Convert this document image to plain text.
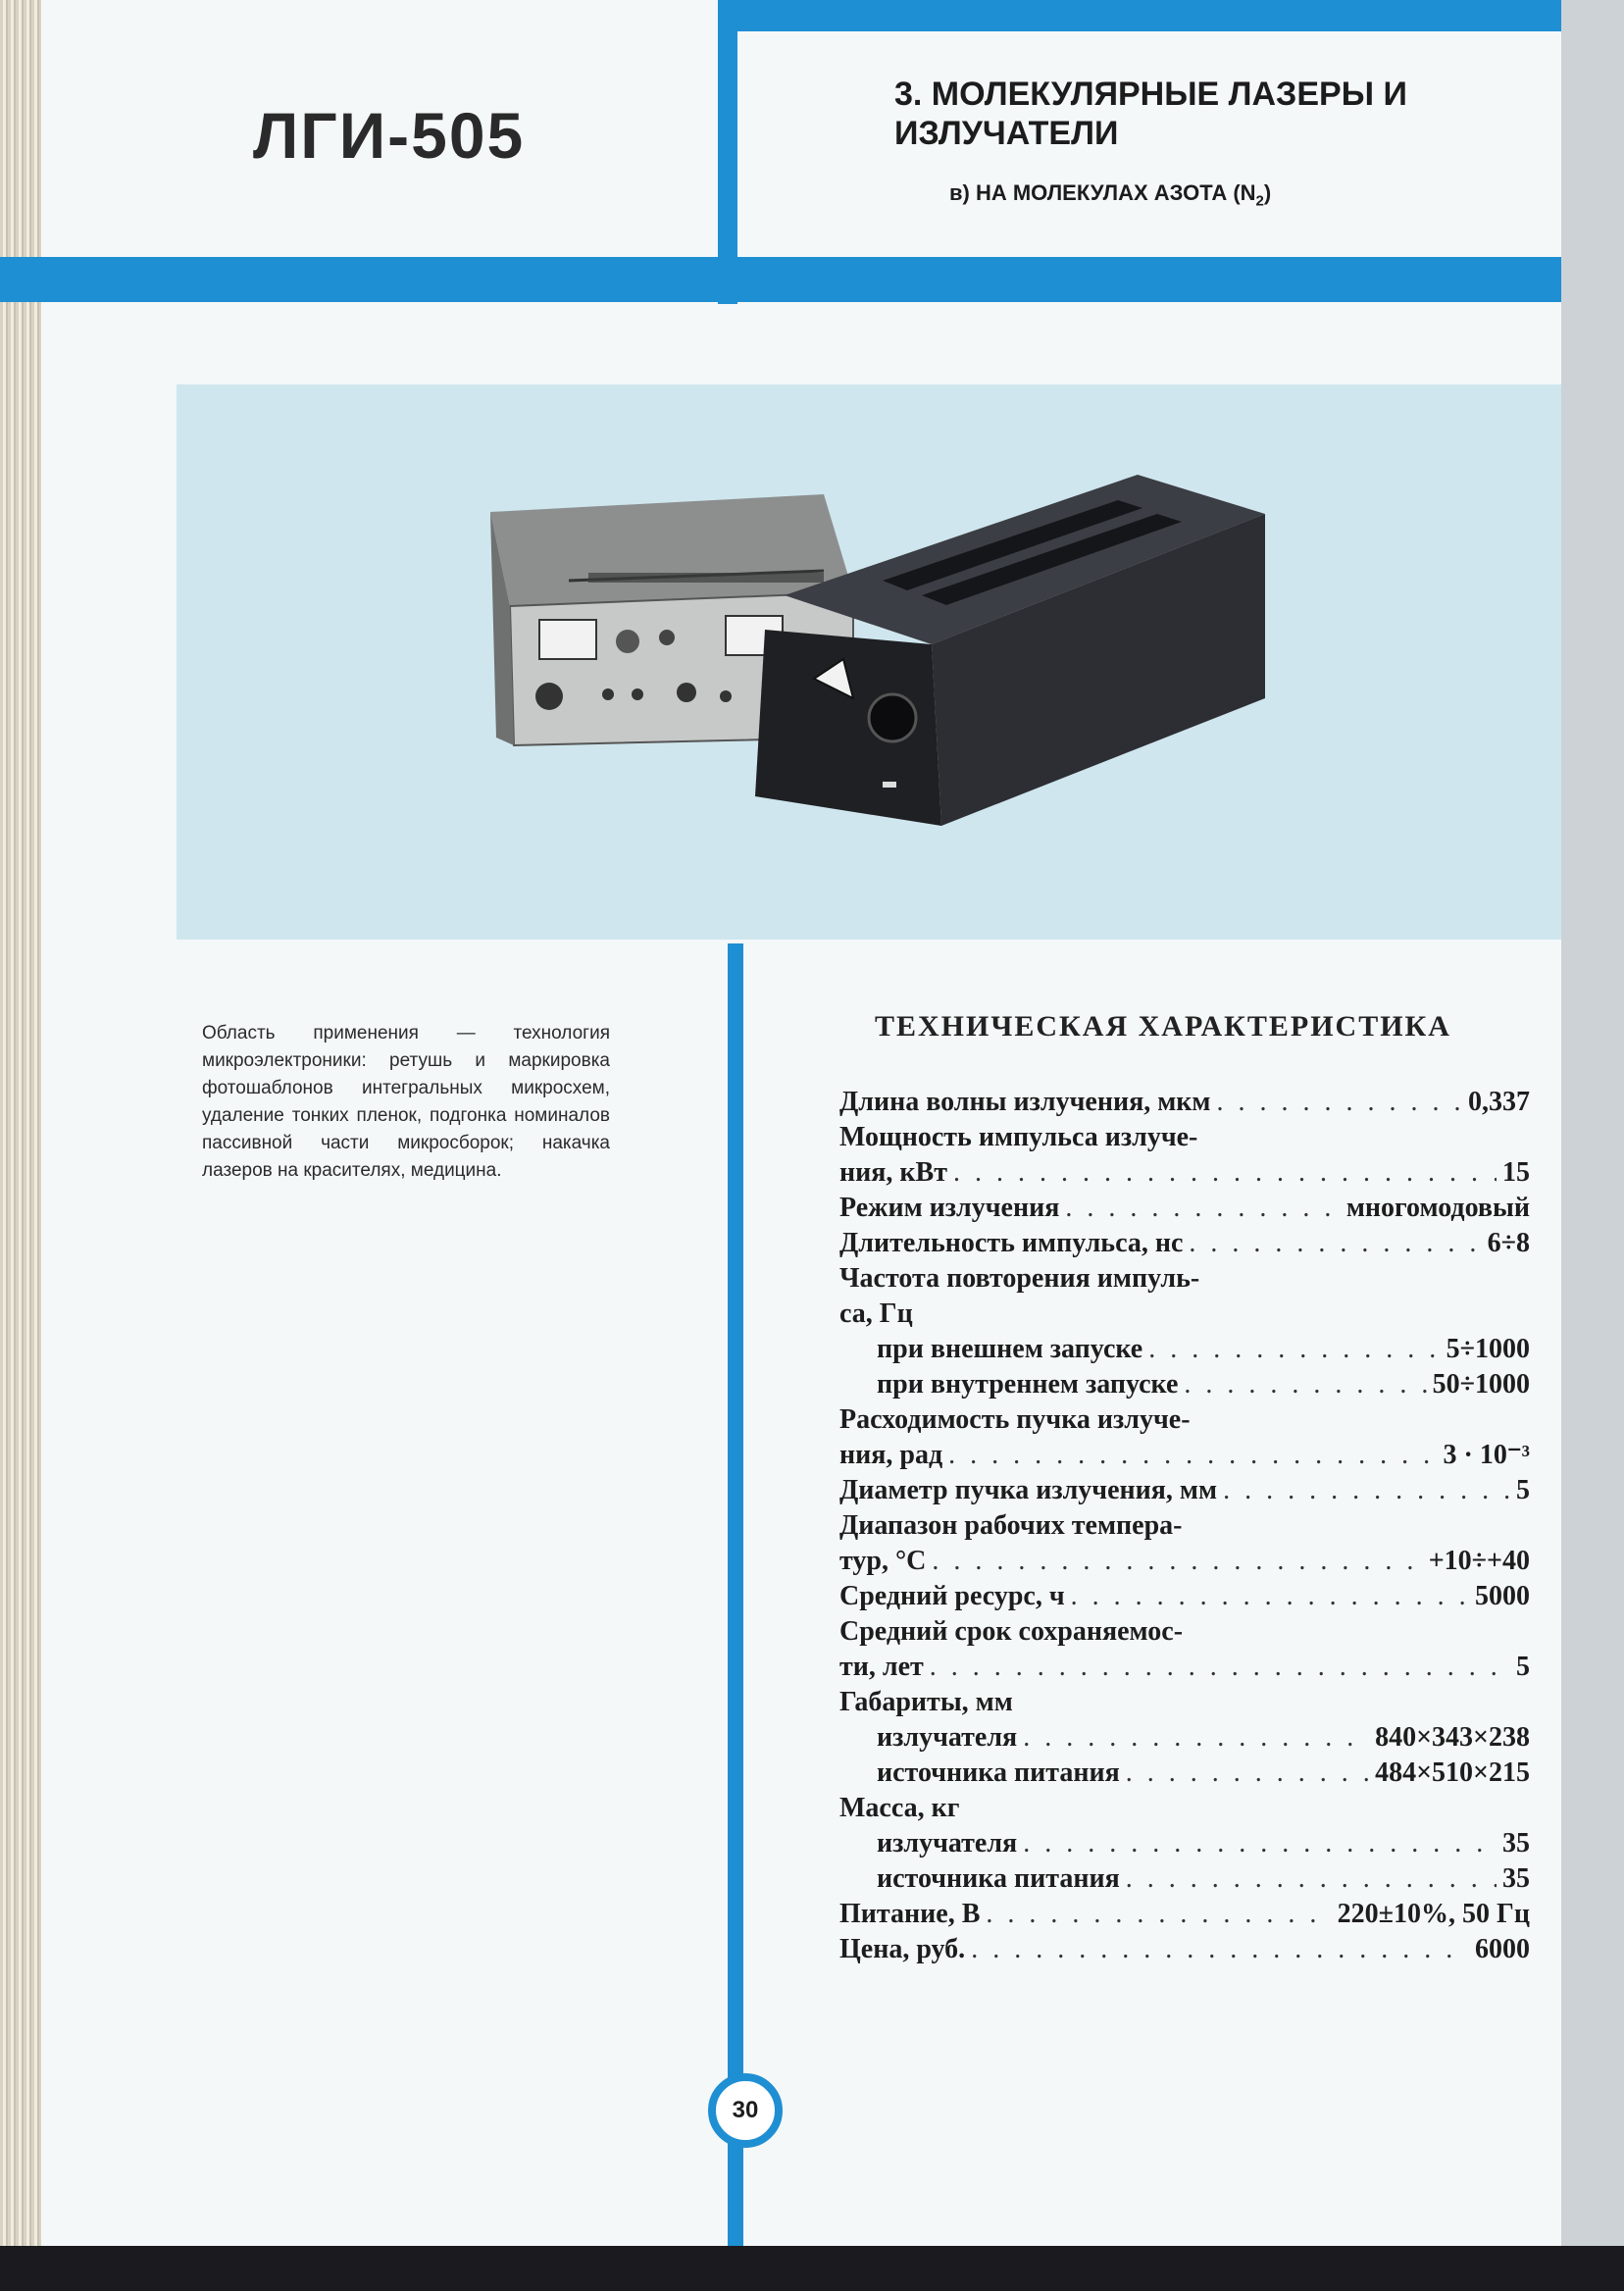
ЛГИ-505
3. МОЛЕКУЛЯРНЫЕ ЛАЗЕРЫ И ИЗЛУЧАТЕЛИ
в) НА МОЛЕКУЛАХ АЗОТА $(N_2)$
Область применения — технология микроэлектроники: ретушь и маркировка фотошаблонов интегральных микросхем, удаление тонких пленок, подгонка номиналов пассивной части микросборок; накачка лазеров на красителях, медицина.
ТЕХНИЧЕСКАЯ ХАРАКТЕРИСТИКА
Длина волны излучения, мкм . . .	0,337
Мощность импульса излуче-
ния, кВт . . .	15
Режим излучения . . .	многомодовый
Длительность импульса, нс . . .	6÷8
Частота повторения импуль-
са, Гц
при внешнем запуске . . .	5÷1000
при внутреннем запуске . . .	50÷1000
Расходимость пучка излуче-
ния, рад . . .	3 · 10⁻³
Диаметр пучка излучения, мм . . .	5
Диапазон рабочих темпера-
тур, °С . . .	+10÷+40
Средний ресурс, ч . . .	5000
Средний срок сохраняемос-
ти, лет . . .	5
Габариты, мм
излучателя . . .	840×343×238
источника питания . . .	484×510×215
Масса, кг
излучателя . . .	35
источника питания . . .	35
Питание, В . . .	220±10%, 50 Гц
Цена, руб. . . .	6000
30
